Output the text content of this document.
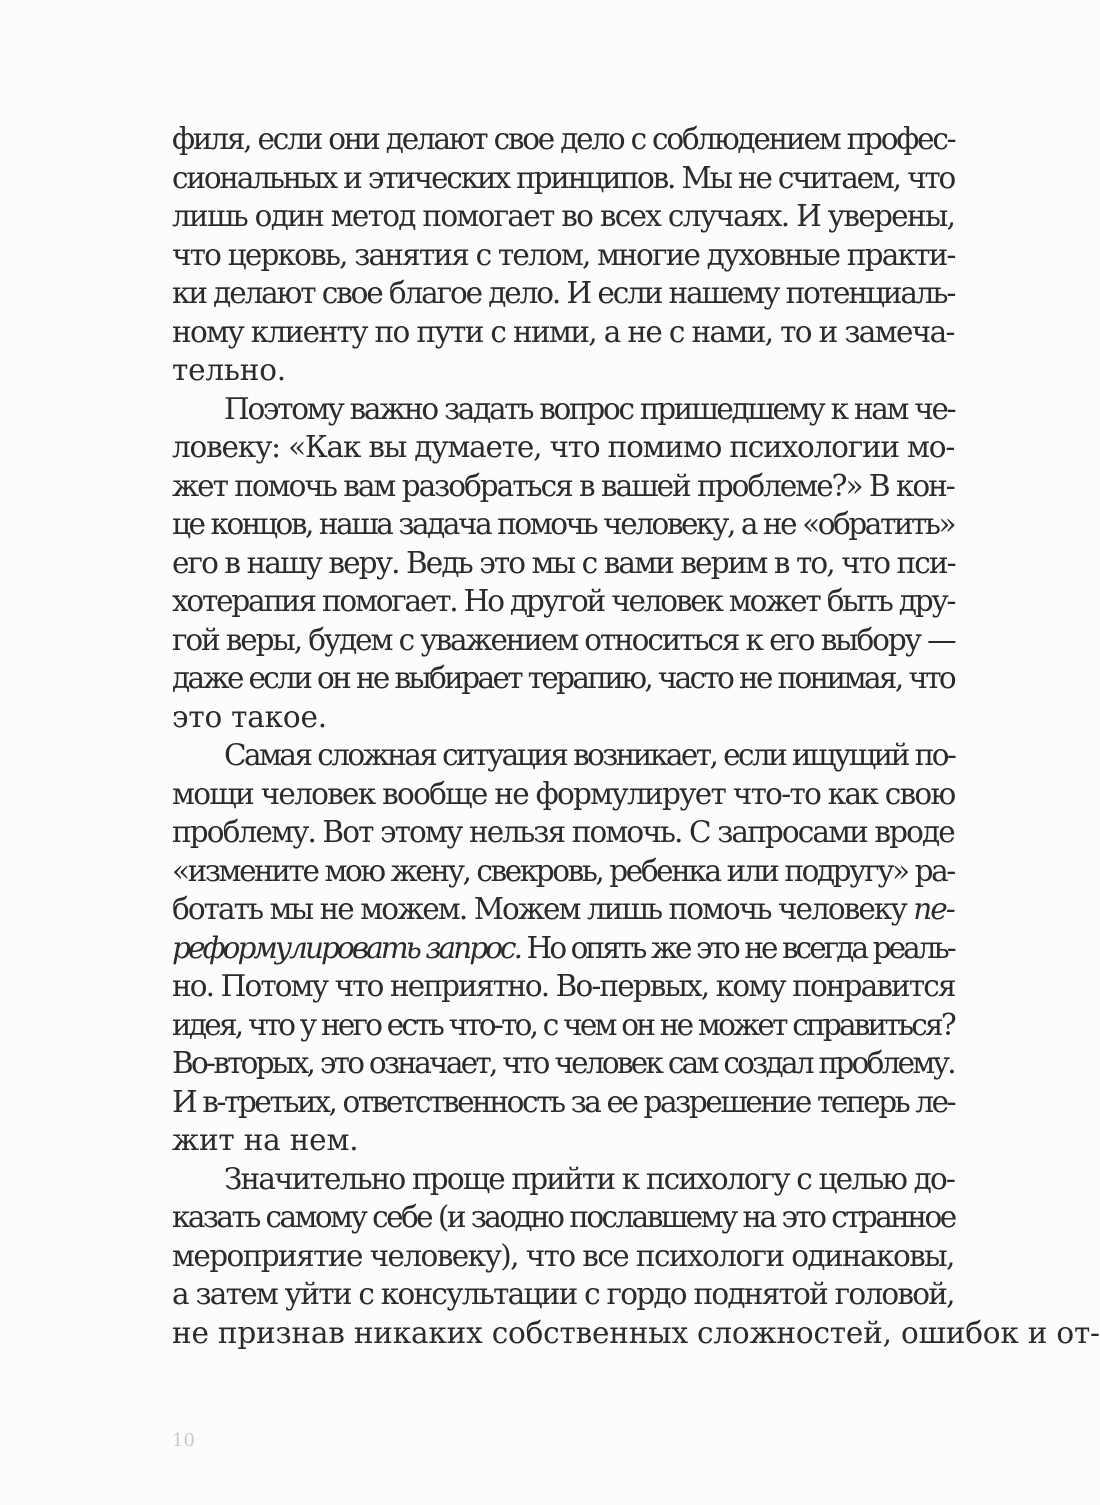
филя, если они делают свое дело с соблюдением профес-
сиональных и этических принципов. Мы не считаем, что
лишь один метод помогает во всех случаях. И уверены,
что церковь, занятия с телом, многие духовные практи-
ки делают свое благое дело. И если нашему потенциаль-
ному клиенту по пути с ними, а не с нами, то и замеча-
тельно.
Поэтому важно задать вопрос пришедшему к нам че-
ловеку: «Как вы думаете, что помимо психологии мо-
жет помочь вам разобраться в вашей проблеме?» В кон-
це концов, наша задача помочь человеку, а не «обратить»
его в нашу веру. Ведь это мы с вами верим в то, что пси-
хотерапия помогает. Но другой человек может быть дру-
гой веры, будем с уважением относиться к его выбору —
даже если он не выбирает терапию, часто не понимая, что
это такое.
Самая сложная ситуация возникает, если ищущий по-
мощи человек вообще не формулирует что-то как свою
проблему. Вот этому нельзя помочь. С запросами вроде
«измените мою жену, свекровь, ребенка или подругу» ра-
ботать мы не можем. Можем лишь помочь человеку пе-
реформулировать запрос. Но опять же это не всегда реаль-
но. Потому что неприятно. Во-первых, кому понравится
идея, что у него есть что-то, с чем он не может справиться?
Во-вторых, это означает, что человек сам создал проблему.
И в-третьих, ответственность за ее разрешение теперь ле-
жит на нем.
Значительно проще прийти к психологу с целью до-
казать самому себе (и заодно пославшему на это странное
мероприятие человеку), что все психологи одинаковы,
а затем уйти с консультации с гордо поднятой головой,
не признав никаких собственных сложностей, ошибок и от-
10
